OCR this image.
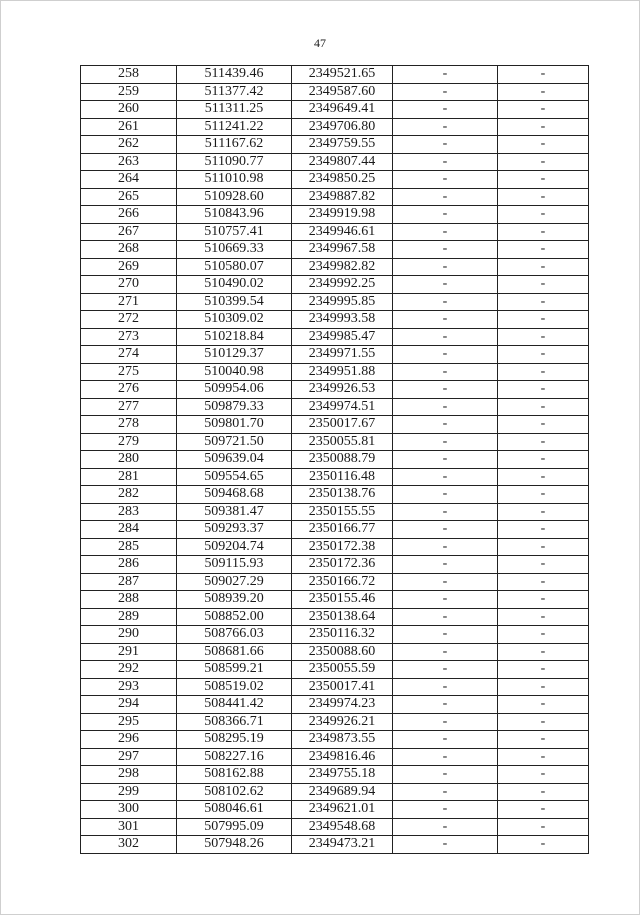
47
258	511439.46	2349521.65	-	-
259	511377.42	2349587.60	-	-
260	511311.25	2349649.41	-	-
261	511241.22	2349706.80	-	-
262	511167.62	2349759.55	-	-
263	511090.77	2349807.44	-	-
264	511010.98	2349850.25	-	-
265	510928.60	2349887.82	-	-
266	510843.96	2349919.98	-	-
267	510757.41	2349946.61	-	-
268	510669.33	2349967.58	-	-
269	510580.07	2349982.82	-	-
270	510490.02	2349992.25	-	-
271	510399.54	2349995.85	-	-
272	510309.02	2349993.58	-	-
273	510218.84	2349985.47	-	-
274	510129.37	2349971.55	-	-
275	510040.98	2349951.88	-	-
276	509954.06	2349926.53	-	-
277	509879.33	2349974.51	-	-
278	509801.70	2350017.67	-	-
279	509721.50	2350055.81	-	-
280	509639.04	2350088.79	-	-
281	509554.65	2350116.48	-	-
282	509468.68	2350138.76	-	-
283	509381.47	2350155.55	-	-
284	509293.37	2350166.77	-	-
285	509204.74	2350172.38	-	-
286	509115.93	2350172.36	-	-
287	509027.29	2350166.72	-	-
288	508939.20	2350155.46	-	-
289	508852.00	2350138.64	-	-
290	508766.03	2350116.32	-	-
291	508681.66	2350088.60	-	-
292	508599.21	2350055.59	-	-
293	508519.02	2350017.41	-	-
294	508441.42	2349974.23	-	-
295	508366.71	2349926.21	-	-
296	508295.19	2349873.55	-	-
297	508227.16	2349816.46	-	-
298	508162.88	2349755.18	-	-
299	508102.62	2349689.94	-	-
300	508046.61	2349621.01	-	-
301	507995.09	2349548.68	-	-
302	507948.26	2349473.21	-	-
